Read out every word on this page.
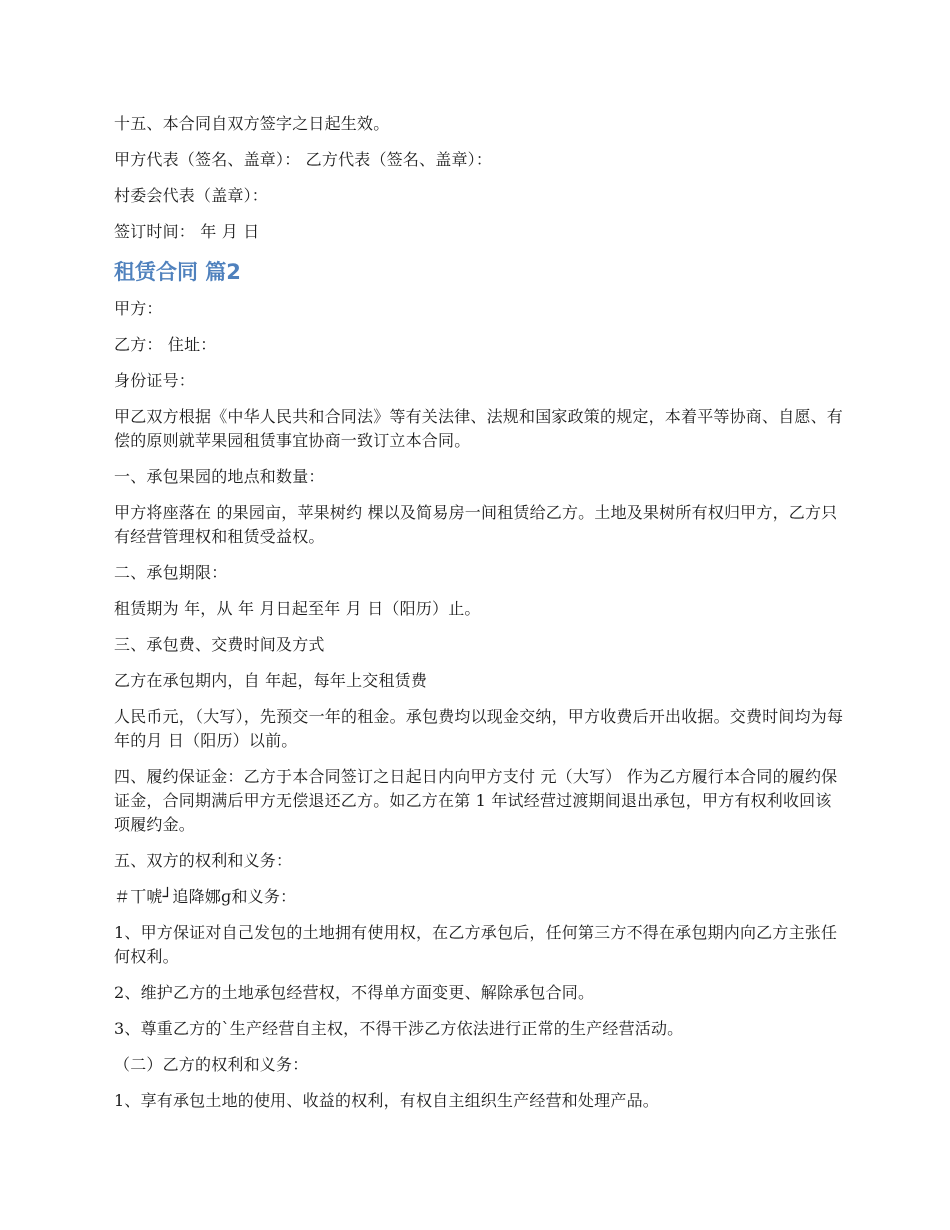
十五、本合同自双方签字之日起生效。

甲方代表（签名、盖章）： 乙方代表（签名、盖章）：

村委会代表（盖章）：

签订时间： 年 月 日

租赁合同 篇2

甲方：

乙方： 住址：

身份证号：

甲乙双方根据《中华人民共和合同法》等有关法律、法规和国家政策的规定，本着平等协商、自愿、有偿的原则就苹果园租赁事宜协商一致订立本合同。

一、承包果园的地点和数量：

甲方将座落在 的果园亩，苹果树约 棵以及简易房一间租赁给乙方。土地及果树所有权归甲方，乙方只有经营管理权和租赁受益权。

二、承包期限：

租赁期为 年，从 年 月日起至年 月 日（阳历）止。

三、承包费、交费时间及方式

乙方在承包期内，自 年起，每年上交租赁费

人民币元，（大写），先预交一年的租金。承包费均以现金交纳，甲方收费后开出收据。交费时间均为每年的月 日（阳历）以前。

四、履约保证金：乙方于本合同签订之日起日内向甲方支付 元（大写） 作为乙方履行本合同的履约保证金，合同期满后甲方无偿退还乙方。如乙方在第 1 年试经营过渡期间退出承包，甲方有权利收回该项履约金。

五、双方的权利和义务：

＃丅唬┘追降娜ɡ和义务：

1、甲方保证对自己发包的土地拥有使用权，在乙方承包后，任何第三方不得在承包期内向乙方主张任何权利。

2、维护乙方的土地承包经营权，不得单方面变更、解除承包合同。

3、尊重乙方的`生产经营自主权，不得干涉乙方依法进行正常的生产经营活动。

（二）乙方的权利和义务：

1、享有承包土地的使用、收益的权利，有权自主组织生产经营和处理产品。
